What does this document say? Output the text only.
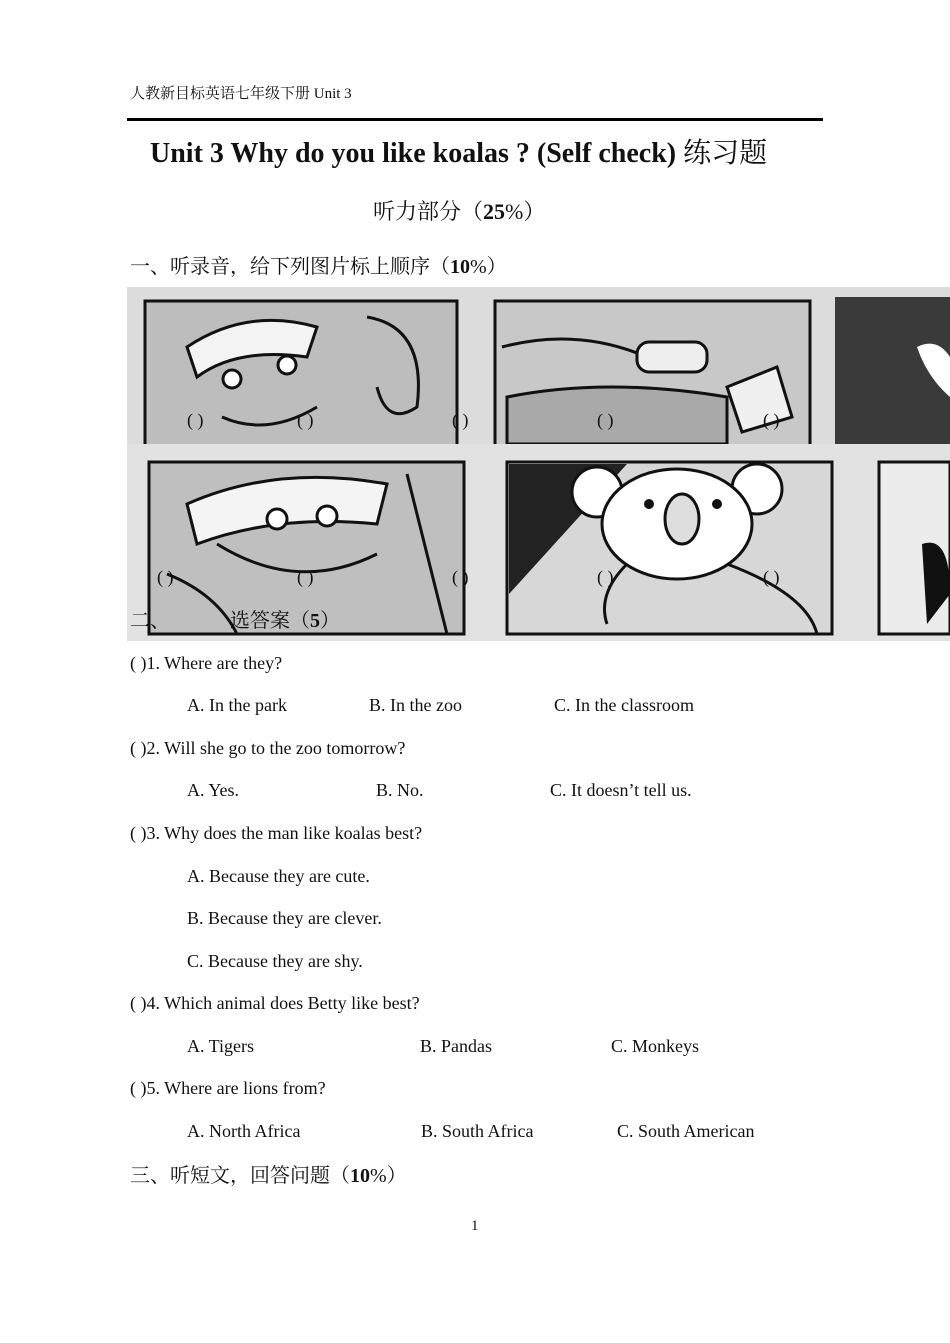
人教新目标英语七年级下册 Unit 3
Unit 3 Why do you like koalas ? (Self check) 练习题
听力部分（25%）
一、听录音，给下列图片标上顺序（10%）
( )	( )	( )	( )	( )
( )	( )	( )	( )	( )
二、	选答案（5）
( )1. Where are they?
A. In the park	B. In the zoo	C. In the classroom
( )2. Will she go to the zoo tomorrow?
A. Yes.	B. No.	C. It doesn’t tell us.
( )3. Why does the man like koalas best?
A. Because they are cute.
B. Because they are clever.
C. Because they are shy.
( )4. Which animal does Betty like best?
A. Tigers	B. Pandas	C. Monkeys
( )5. Where are lions from?
A. North Africa	B. South Africa	C. South American
三、听短文，回答问题（10%）
1
